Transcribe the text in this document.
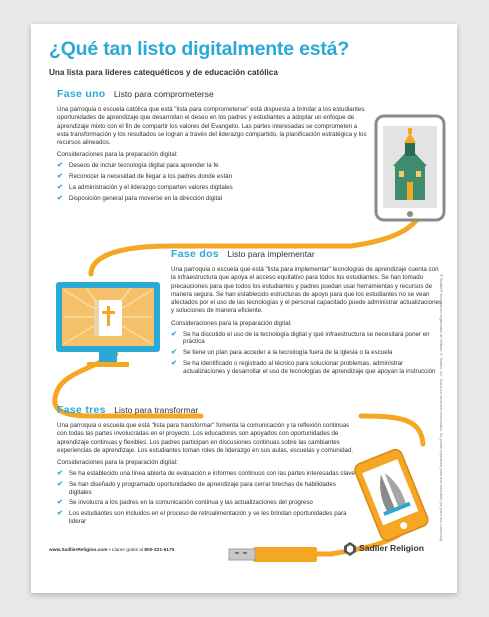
¿Qué tan listo digitalmente está?
Una lista para líderes catequéticos y de educación católica
Fase uno Listo para comprometerse
Una parroquia o escuela católica que está "lista para comprometerse" está dispuesta a brindar a los estudiantes oportunidades de aprendizaje que desarrollan el deseo en los padres y estudiantes a adoptar un enfoque de aprendizaje mixto con el fin de compartir los valores del Evangelio. Las partes interesadas se comprometen a esta transformación y los resultados se logran a través del liderazgo compartido, la planificación estratégica y los recursos alineados.
Consideraciones para la preparación digital:
✔ Deseos de incluir tecnología digital para aprender la fe
✔ Reconocer la necesidad de llegar a los padres donde están
✔ La administración y el liderazgo comparten valores digitales
✔ Disposición general para moverse en la dirección digital
Fase dos Listo para implementar
Una parroquia o escuela que está "lista para implementar" tecnologías de aprendizaje cuenta con la infraestructura que apoya el acceso equitativo para todos los estudiantes. Se han tomado precauciones para que todos los estudiantes y padres puedan usar herramientas y recursos de manera segura. Se han establecido estructuras de apoyo para que los estudiantes no se vean afectados por el uso de las tecnologías y el personal capacitado puede administrar actualizaciones y soluciones de manera eficiente.
Consideraciones para la preparación digital:
✔ Se ha discutido el uso de la tecnología digital y qué infraestructura se necesitará poner en práctica
✔ Se tiene un plan para acceder a la tecnología fuera de la iglesia o la escuela
✔ Se ha identificado o registrado al técnico para solucionar problemas, administrar actualizaciones y desarrollar el uso de tecnologías de aprendizaje que apoyan la instrucción
Fase tres Listo para transformar
Una parroquia o escuela que está "lista para transformar" fomenta la comunicación y la reflexión continuas con todas las partes involucradas en el proyecto. Los educadores son apoyados con oportunidades de aprendizaje continuas y flexibles. Los padres participan en discusiones continuas sobre las cambiantes experiencias de aprendizaje. Los estudiantes toman roles de liderazgo en sus aulas, escuelas y comunidad.
Consideraciones para la preparación digital:
✔ Se ha establecido una línea abierta de evaluación e informes continuos con las partes interesadas clave
✔ Se han diseñado y programado oportunidades de aprendizaje para cerrar brechas de habilidades digitales
✔ Se involucra a los padres en la comunicación continua y las actualizaciones del progreso
✔ Los estudiantes son incluidos en el proceso de retroalimentación y se les brindan oportunidades para liderar
www.SadlierReligion.com • Llame gratis al 800-221-5175	Sadlier Religion
® Sadlier® son marcas registradas de William H. Sadlier, Inc. Todos los derechos reservados. Se puede reproducir para uso educativo (no para uso comercial).
